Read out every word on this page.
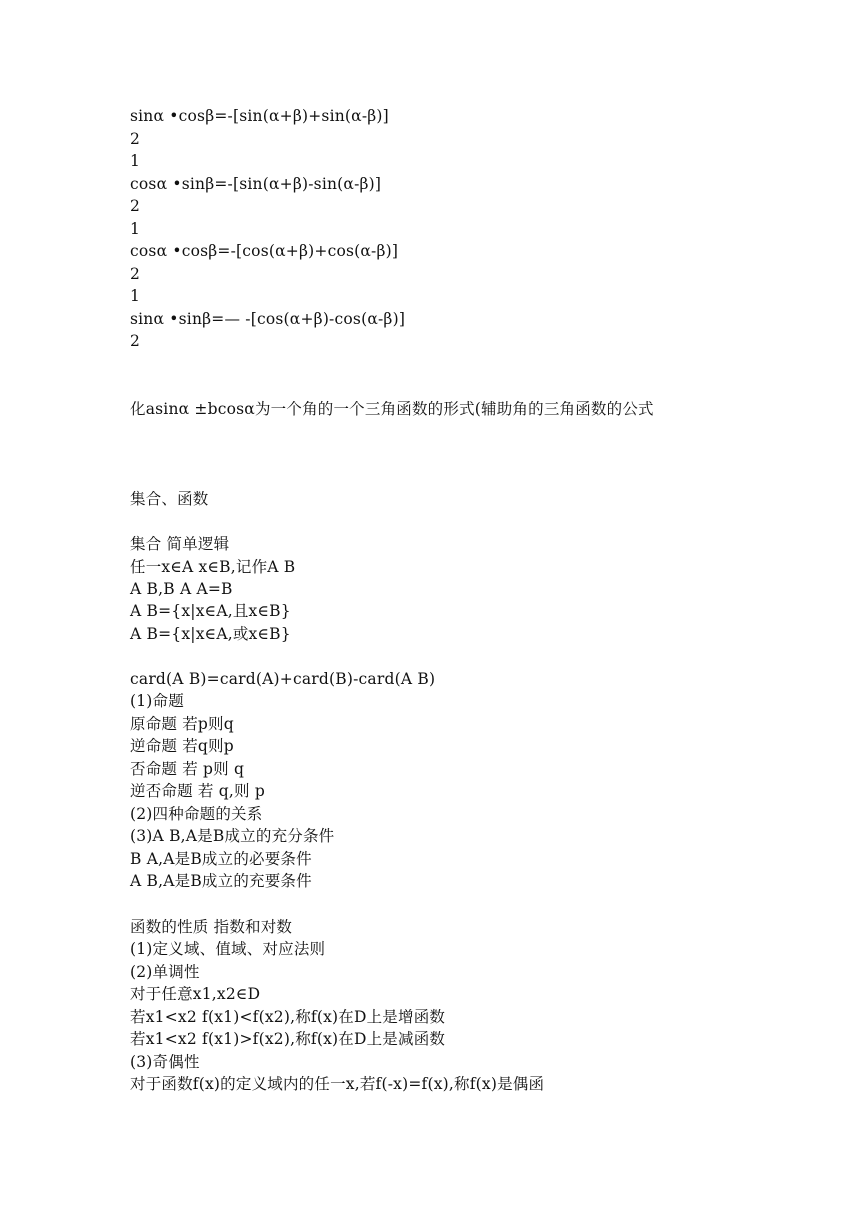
sinα •cosβ=-[sin(α+β)+sin(α-β)]
2
1
cosα •sinβ=-[sin(α+β)-sin(α-β)]
2
1
cosα •cosβ=-[cos(α+β)+cos(α-β)]
2
1
sinα •sinβ=— -[cos(α+β)-cos(α-β)]
2
化asinα ±bcosα为一个角的一个三角函数的形式(辅助角的三角函数的公式
集合、函数
集合 简单逻辑
任一x∈A x∈B,记作A B
A B,B A A=B
A B={x|x∈A,且x∈B}
A B={x|x∈A,或x∈B}
card(A B)=card(A)+card(B)-card(A B)
(1)命题
原命题 若p则q
逆命题 若q则p
否命题 若 p则 q
逆否命题 若 q,则 p
(2)四种命题的关系
(3)A B,A是B成立的充分条件
B A,A是B成立的必要条件
A B,A是B成立的充要条件
函数的性质 指数和对数
(1)定义域、值域、对应法则
(2)单调性
对于任意x1,x2∈D
若x1<x2 f(x1)<f(x2),称f(x)在D上是增函数
若x1<x2 f(x1)>f(x2),称f(x)在D上是减函数
(3)奇偶性
对于函数f(x)的定义域内的任一x,若f(-x)=f(x),称f(x)是偶函
